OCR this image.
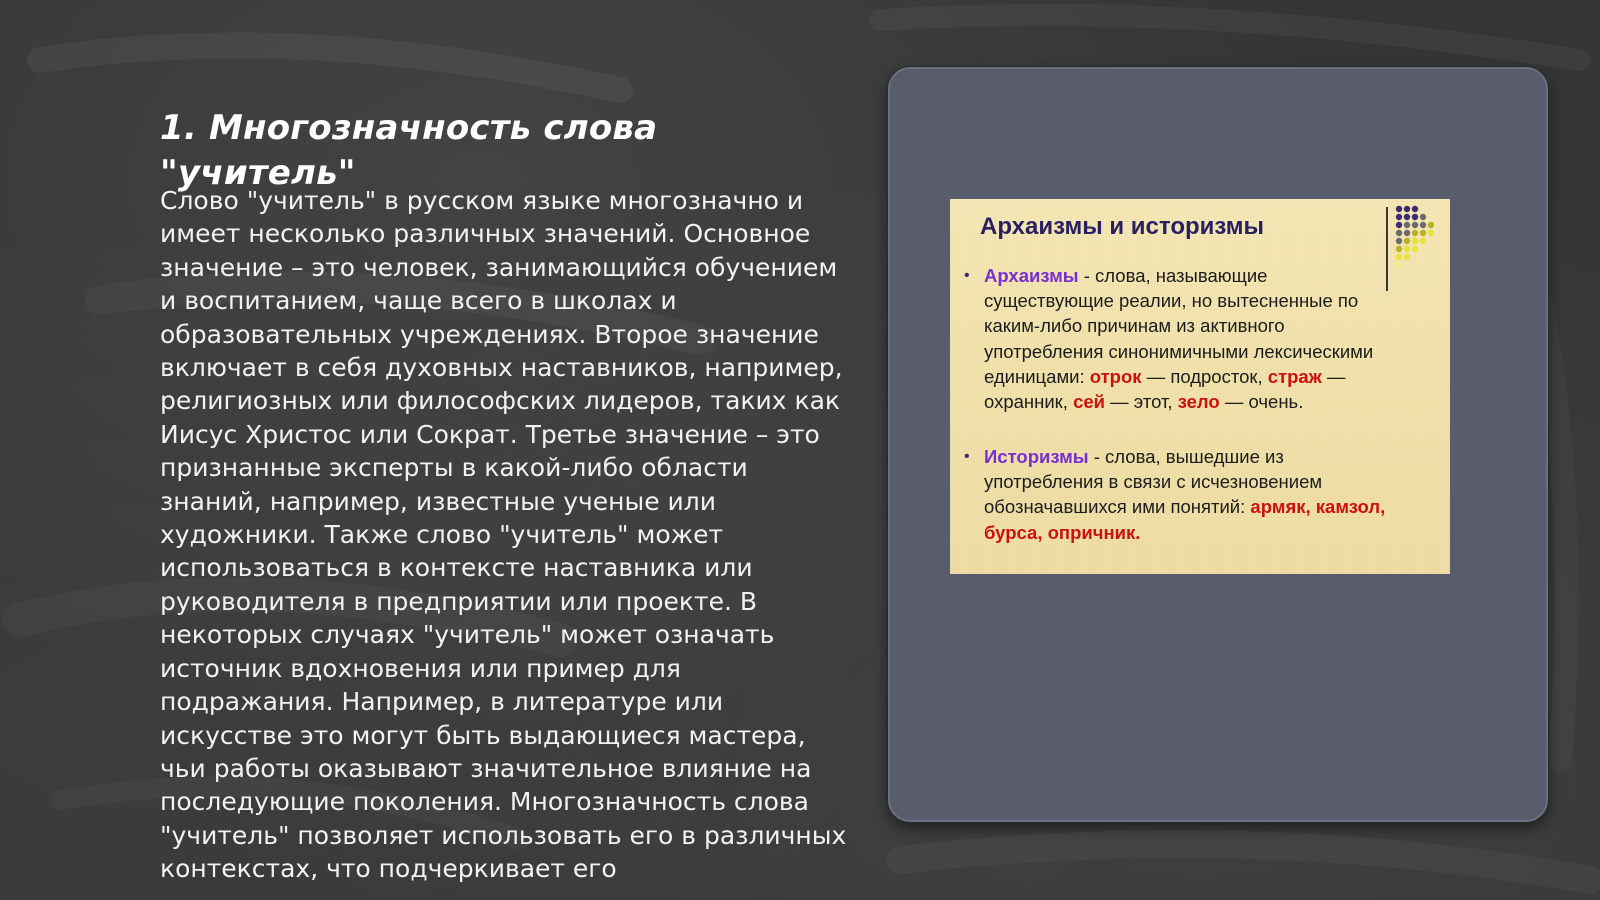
1. Многозначность слова "учитель"

Слово "учитель" в русском языке многозначно и имеет несколько различных значений. Основное значение – это человек, занимающийся обучением и воспитанием, чаще всего в школах и образовательных учреждениях. Второе значение включает в себя духовных наставников, например, религиозных или философских лидеров, таких как Иисус Христос или Сократ. Третье значение – это признанные эксперты в какой-либо области знаний, например, известные ученые или художники. Также слово "учитель" может использоваться в контексте наставника или руководителя в предприятии или проекте. В некоторых случаях "учитель" может означать источник вдохновения или пример для подражания. Например, в литературе или искусстве это могут быть выдающиеся мастера, чьи работы оказывают значительное влияние на последующие поколения. Многозначность слова "учитель" позволяет использовать его в различных контекстах, что подчеркивает его

Архаизмы и историзмы
• Архаизмы - слова, называющие существующие реалии, но вытесненные по каким-либо причинам из активного употребления синонимичными лексическими единицами: отрок — подросток, страж — охранник, сей — этот, зело — очень.
• Историзмы - слова, вышедшие из употребления в связи с исчезновением обозначавшихся ими понятий: армяк, камзол, бурса, опричник.
